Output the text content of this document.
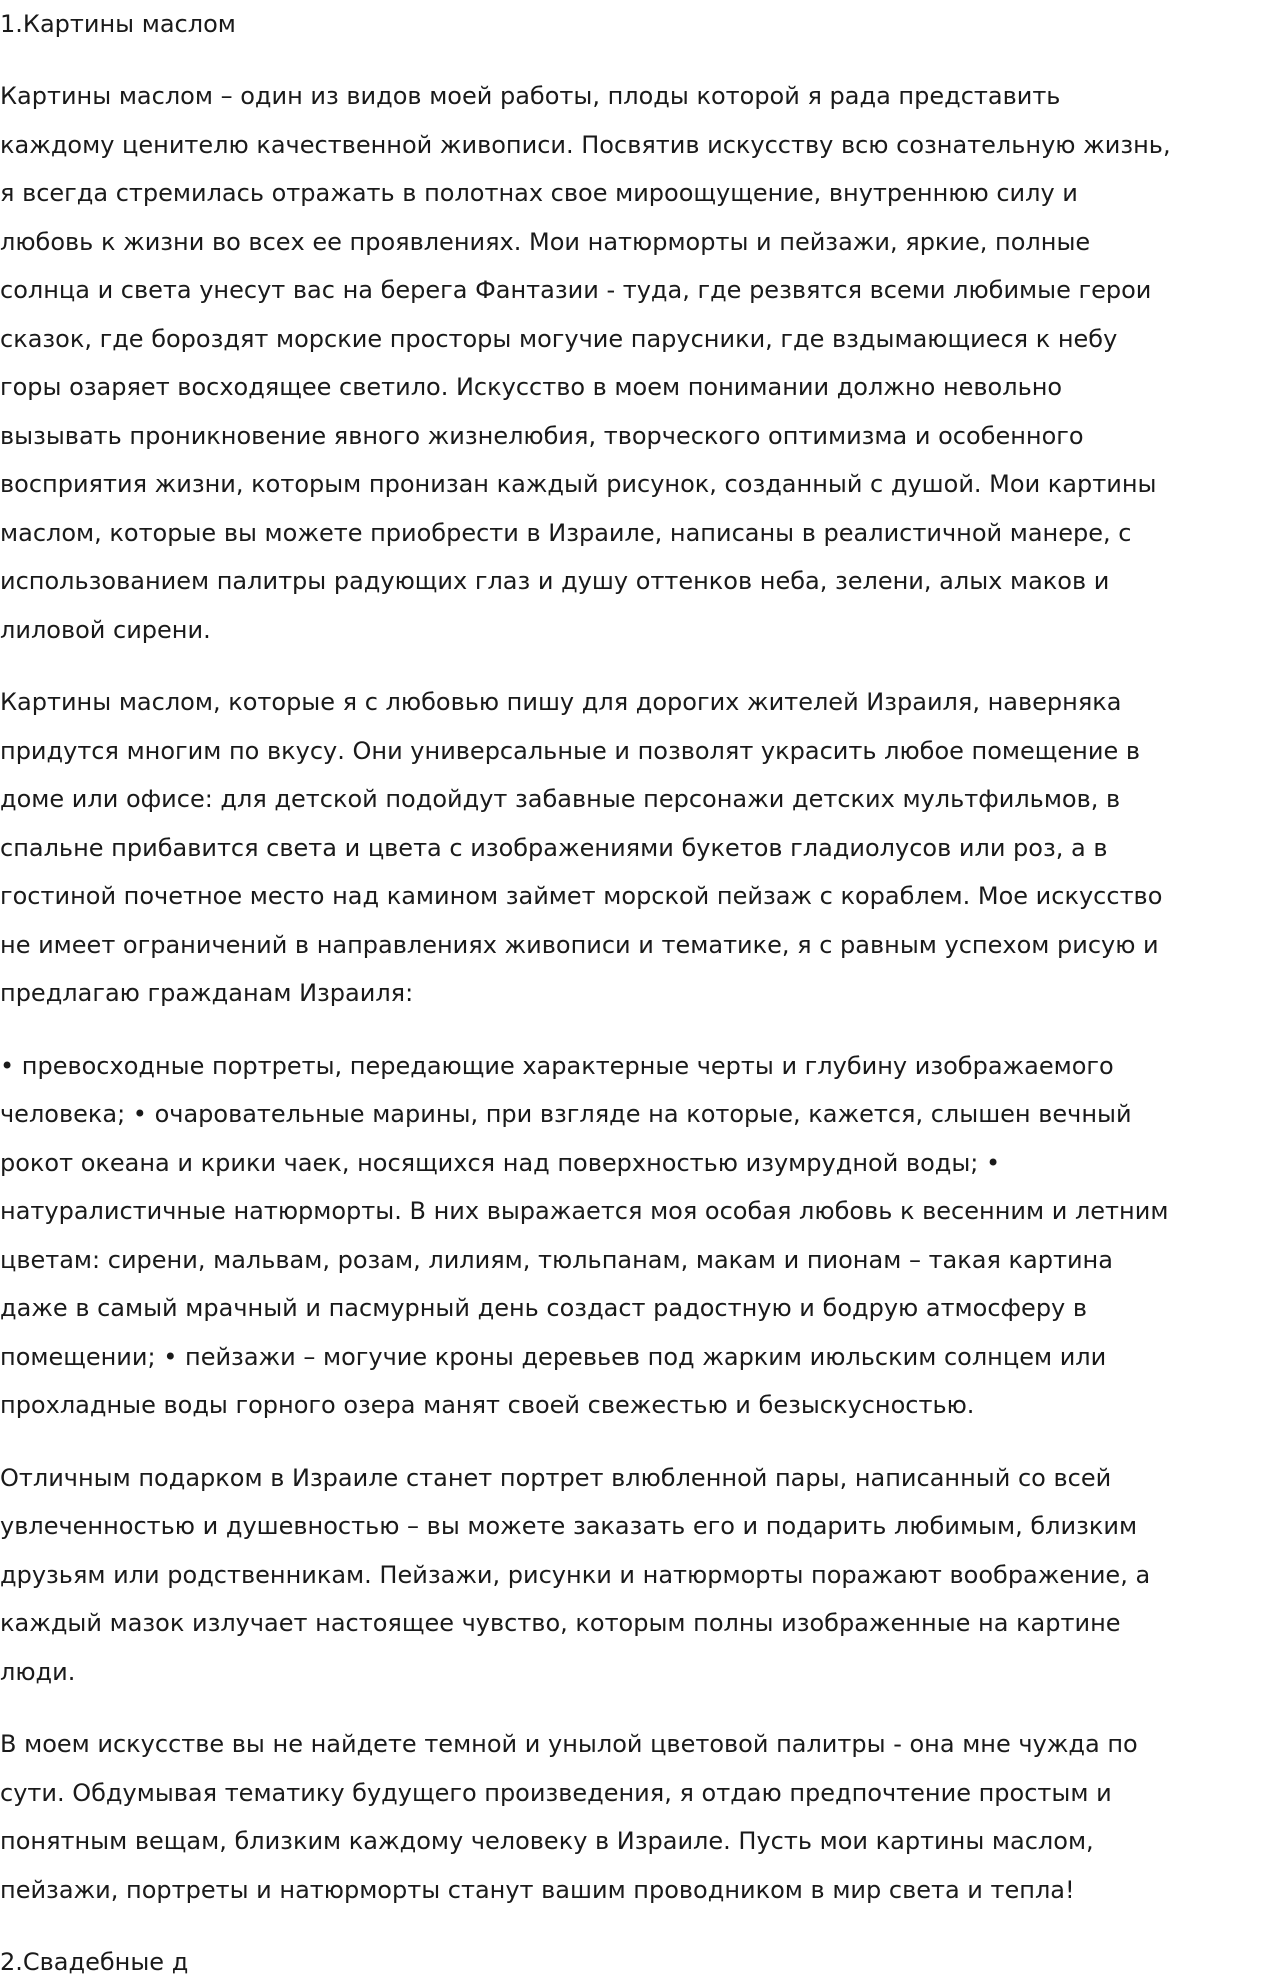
1.Картины маслом

Картины маслом – один из видов моей работы, плоды которой я рада представить
каждому ценителю качественной живописи. Посвятив искусству всю сознательную жизнь,
я всегда стремилась отражать в полотнах свое мироощущение, внутреннюю силу и
любовь к жизни во всех ее проявлениях. Мои натюрморты и пейзажи, яркие, полные
солнца и света унесут вас на берега Фантазии - туда, где резвятся всеми любимые герои
сказок, где бороздят морские просторы могучие парусники, где вздымающиеся к небу
горы озаряет восходящее светило. Искусство в моем понимании должно невольно
вызывать проникновение явного жизнелюбия, творческого оптимизма и особенного
восприятия жизни, которым пронизан каждый рисунок, созданный с душой. Мои картины
маслом, которые вы можете приобрести в Израиле, написаны в реалистичной манере, с
использованием палитры радующих глаз и душу оттенков неба, зелени, алых маков и
лиловой сирени.

Картины маслом, которые я с любовью пишу для дорогих жителей Израиля, наверняка
придутся многим по вкусу. Они универсальные и позволят украсить любое помещение в
доме или офисе: для детской подойдут забавные персонажи детских мультфильмов, в
спальне прибавится света и цвета с изображениями букетов гладиолусов или роз, а в
гостиной почетное место над камином займет морской пейзаж с кораблем. Мое искусство
не имеет ограничений в направлениях живописи и тематике, я с равным успехом рисую и
предлагаю гражданам Израиля:

• превосходные портреты, передающие характерные черты и глубину изображаемого
человека; • очаровательные марины, при взгляде на которые, кажется, слышен вечный
рокот океана и крики чаек, носящихся над поверхностью изумрудной воды; •
натуралистичные натюрморты. В них выражается моя особая любовь к весенним и летним
цветам: сирени, мальвам, розам, лилиям, тюльпанам, макам и пионам – такая картина
даже в самый мрачный и пасмурный день создаст радостную и бодрую атмосферу в
помещении; • пейзажи – могучие кроны деревьев под жарким июльским солнцем или
прохладные воды горного озера манят своей свежестью и безыскусностью.

Отличным подарком в Израиле станет портрет влюбленной пары, написанный со всей
увлеченностью и душевностью – вы можете заказать его и подарить любимым, близким
друзьям или родственникам. Пейзажи, рисунки и натюрморты поражают воображение, а
каждый мазок излучает настоящее чувство, которым полны изображенные на картине
люди.

В моем искусстве вы не найдете темной и унылой цветовой палитры - она мне чужда по
сути. Обдумывая тематику будущего произведения, я отдаю предпочтение простым и
понятным вещам, близким каждому человеку в Израиле. Пусть мои картины маслом,
пейзажи, портреты и натюрморты станут вашим проводником в мир света и тепла!

2.Свадебные д
